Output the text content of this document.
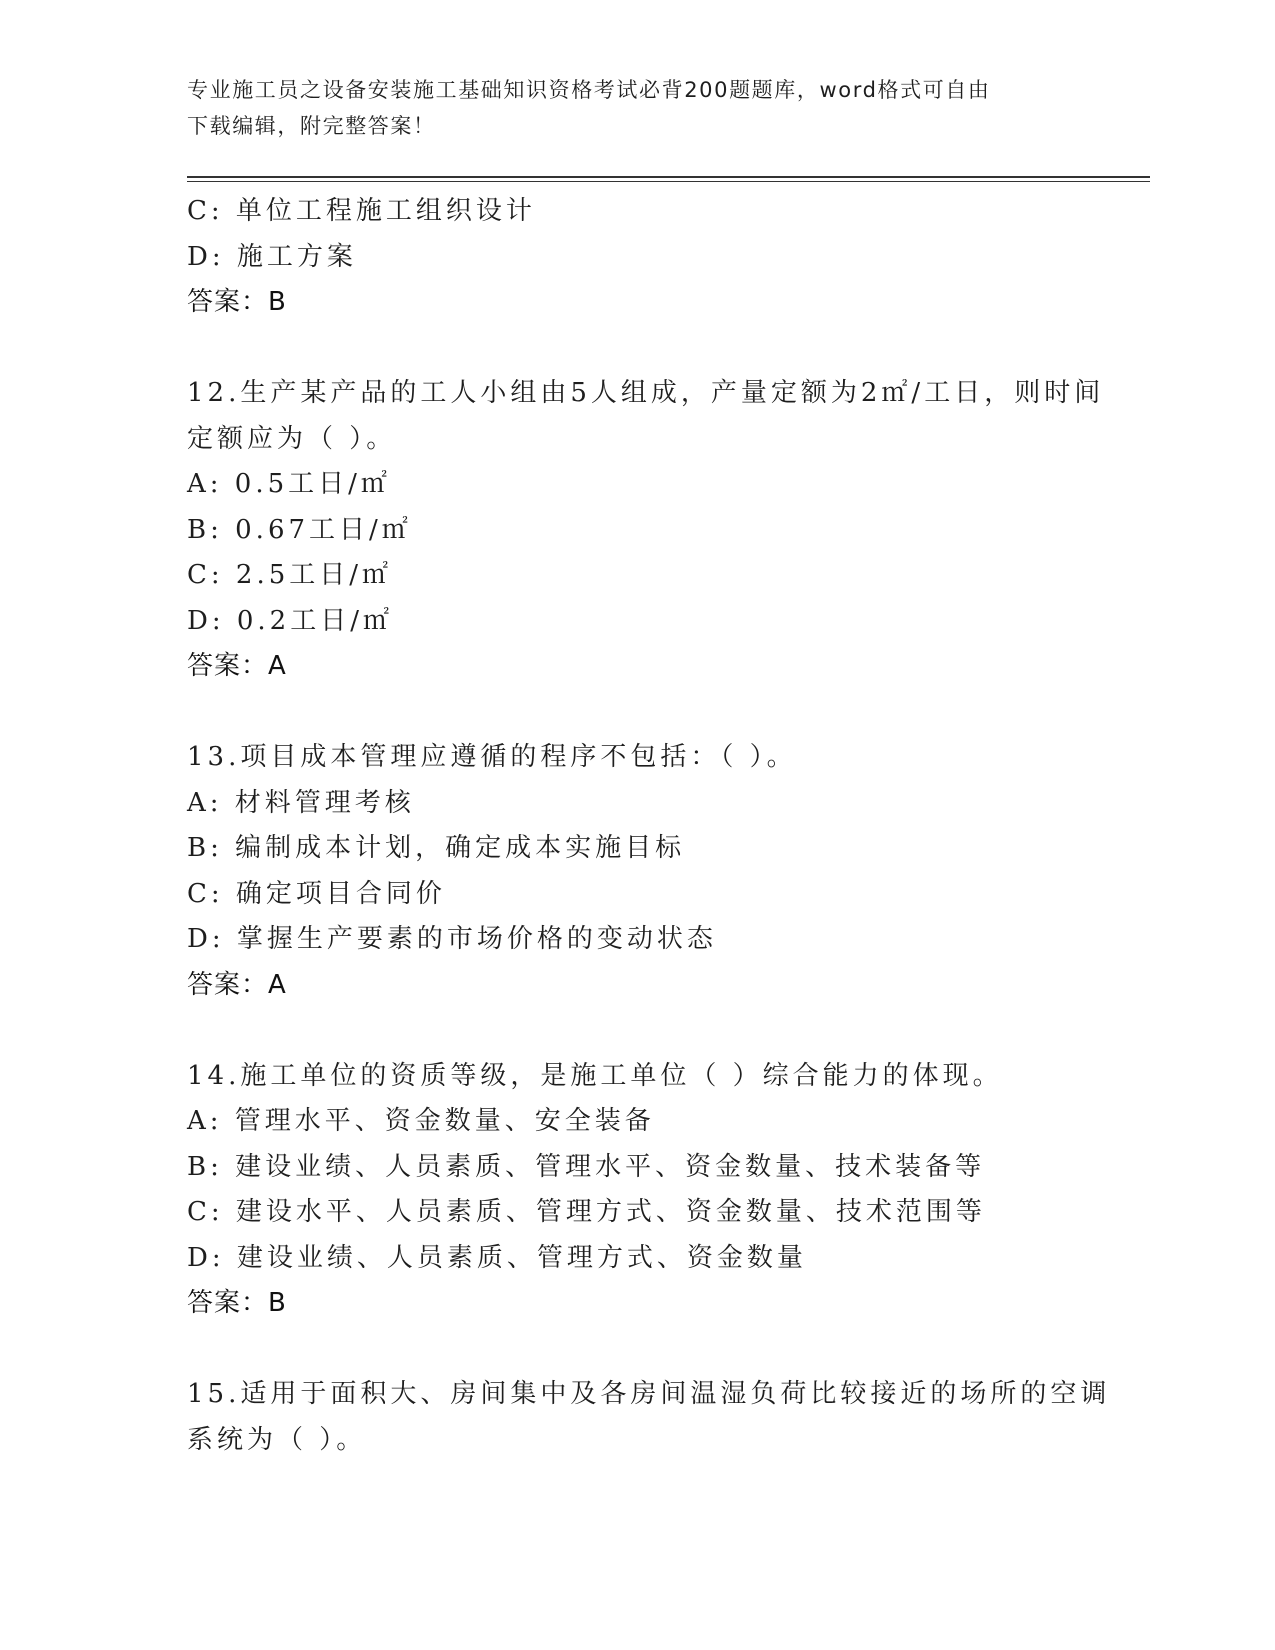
专业施工员之设备安装施工基础知识资格考试必背200题题库，word格式可自由
下载编辑，附完整答案！
C: 单位工程施工组织设计
D: 施工方案
答案：B
12.生产某产品的工人小组由5人组成，产量定额为2㎡/工日，则时间
定额应为（ ）。
A: 0.5工日/㎡
B: 0.67工日/㎡
C: 2.5工日/㎡
D: 0.2工日/㎡
答案：A
13.项目成本管理应遵循的程序不包括：（ ）。
A: 材料管理考核
B: 编制成本计划，确定成本实施目标
C: 确定项目合同价
D: 掌握生产要素的市场价格的变动状态
答案：A
14.施工单位的资质等级，是施工单位（ ）综合能力的体现。
A: 管理水平、资金数量、安全装备
B: 建设业绩、人员素质、管理水平、资金数量、技术装备等
C: 建设水平、人员素质、管理方式、资金数量、技术范围等
D: 建设业绩、人员素质、管理方式、资金数量
答案：B
15.适用于面积大、房间集中及各房间温湿负荷比较接近的场所的空调
系统为（ ）。
